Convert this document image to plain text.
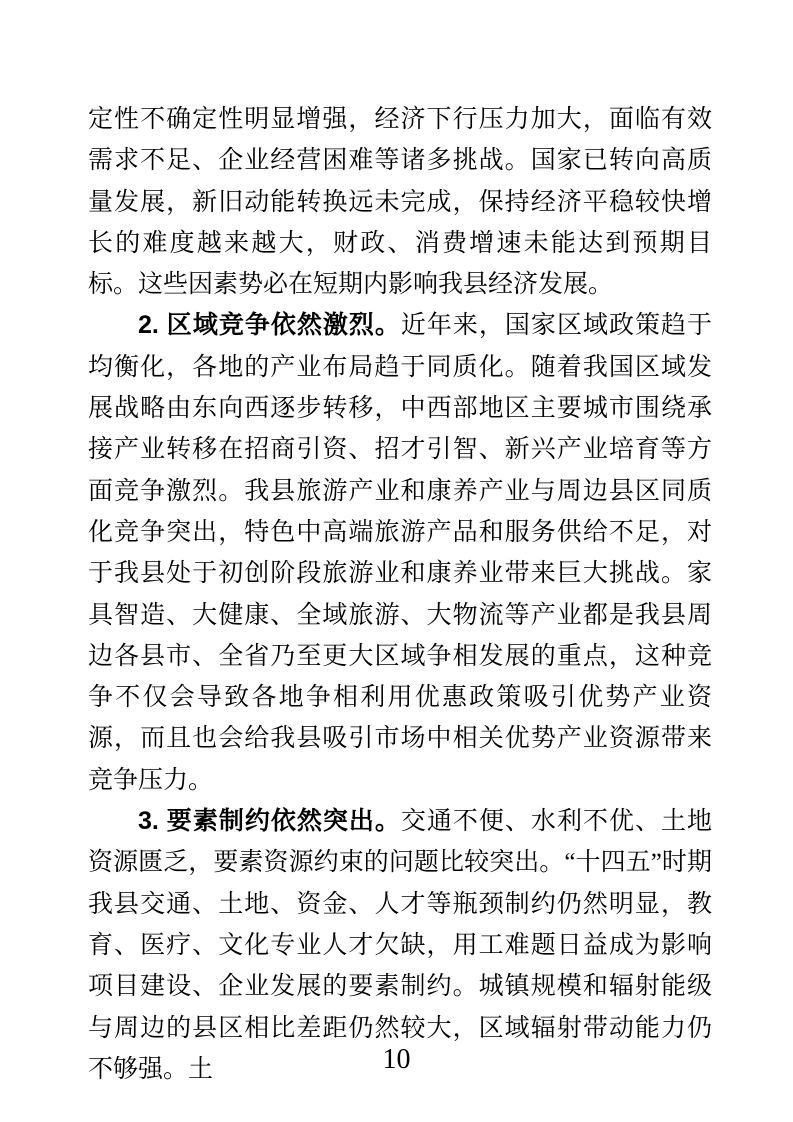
定性不确定性明显增强，经济下行压力加大，面临有效需求不足、企业经营困难等诸多挑战。国家已转向高质量发展，新旧动能转换远未完成，保持经济平稳较快增长的难度越来越大，财政、消费增速未能达到预期目标。这些因素势必在短期内影响我县经济发展。

2. 区域竞争依然激烈。近年来，国家区域政策趋于均衡化，各地的产业布局趋于同质化。随着我国区域发展战略由东向西逐步转移，中西部地区主要城市围绕承接产业转移在招商引资、招才引智、新兴产业培育等方面竞争激烈。我县旅游产业和康养产业与周边县区同质化竞争突出，特色中高端旅游产品和服务供给不足，对于我县处于初创阶段旅游业和康养业带来巨大挑战。家具智造、大健康、全域旅游、大物流等产业都是我县周边各县市、全省乃至更大区域争相发展的重点，这种竞争不仅会导致各地争相利用优惠政策吸引优势产业资源，而且也会给我县吸引市场中相关优势产业资源带来竞争压力。

3. 要素制约依然突出。交通不便、水利不优、土地资源匮乏，要素资源约束的问题比较突出。“十四五”时期我县交通、土地、资金、人才等瓶颈制约仍然明显，教育、医疗、文化专业人才欠缺，用工难题日益成为影响项目建设、企业发展的要素制约。城镇规模和辐射能级与周边的县区相比差距仍然较大，区域辐射带动能力仍不够强。土	10
